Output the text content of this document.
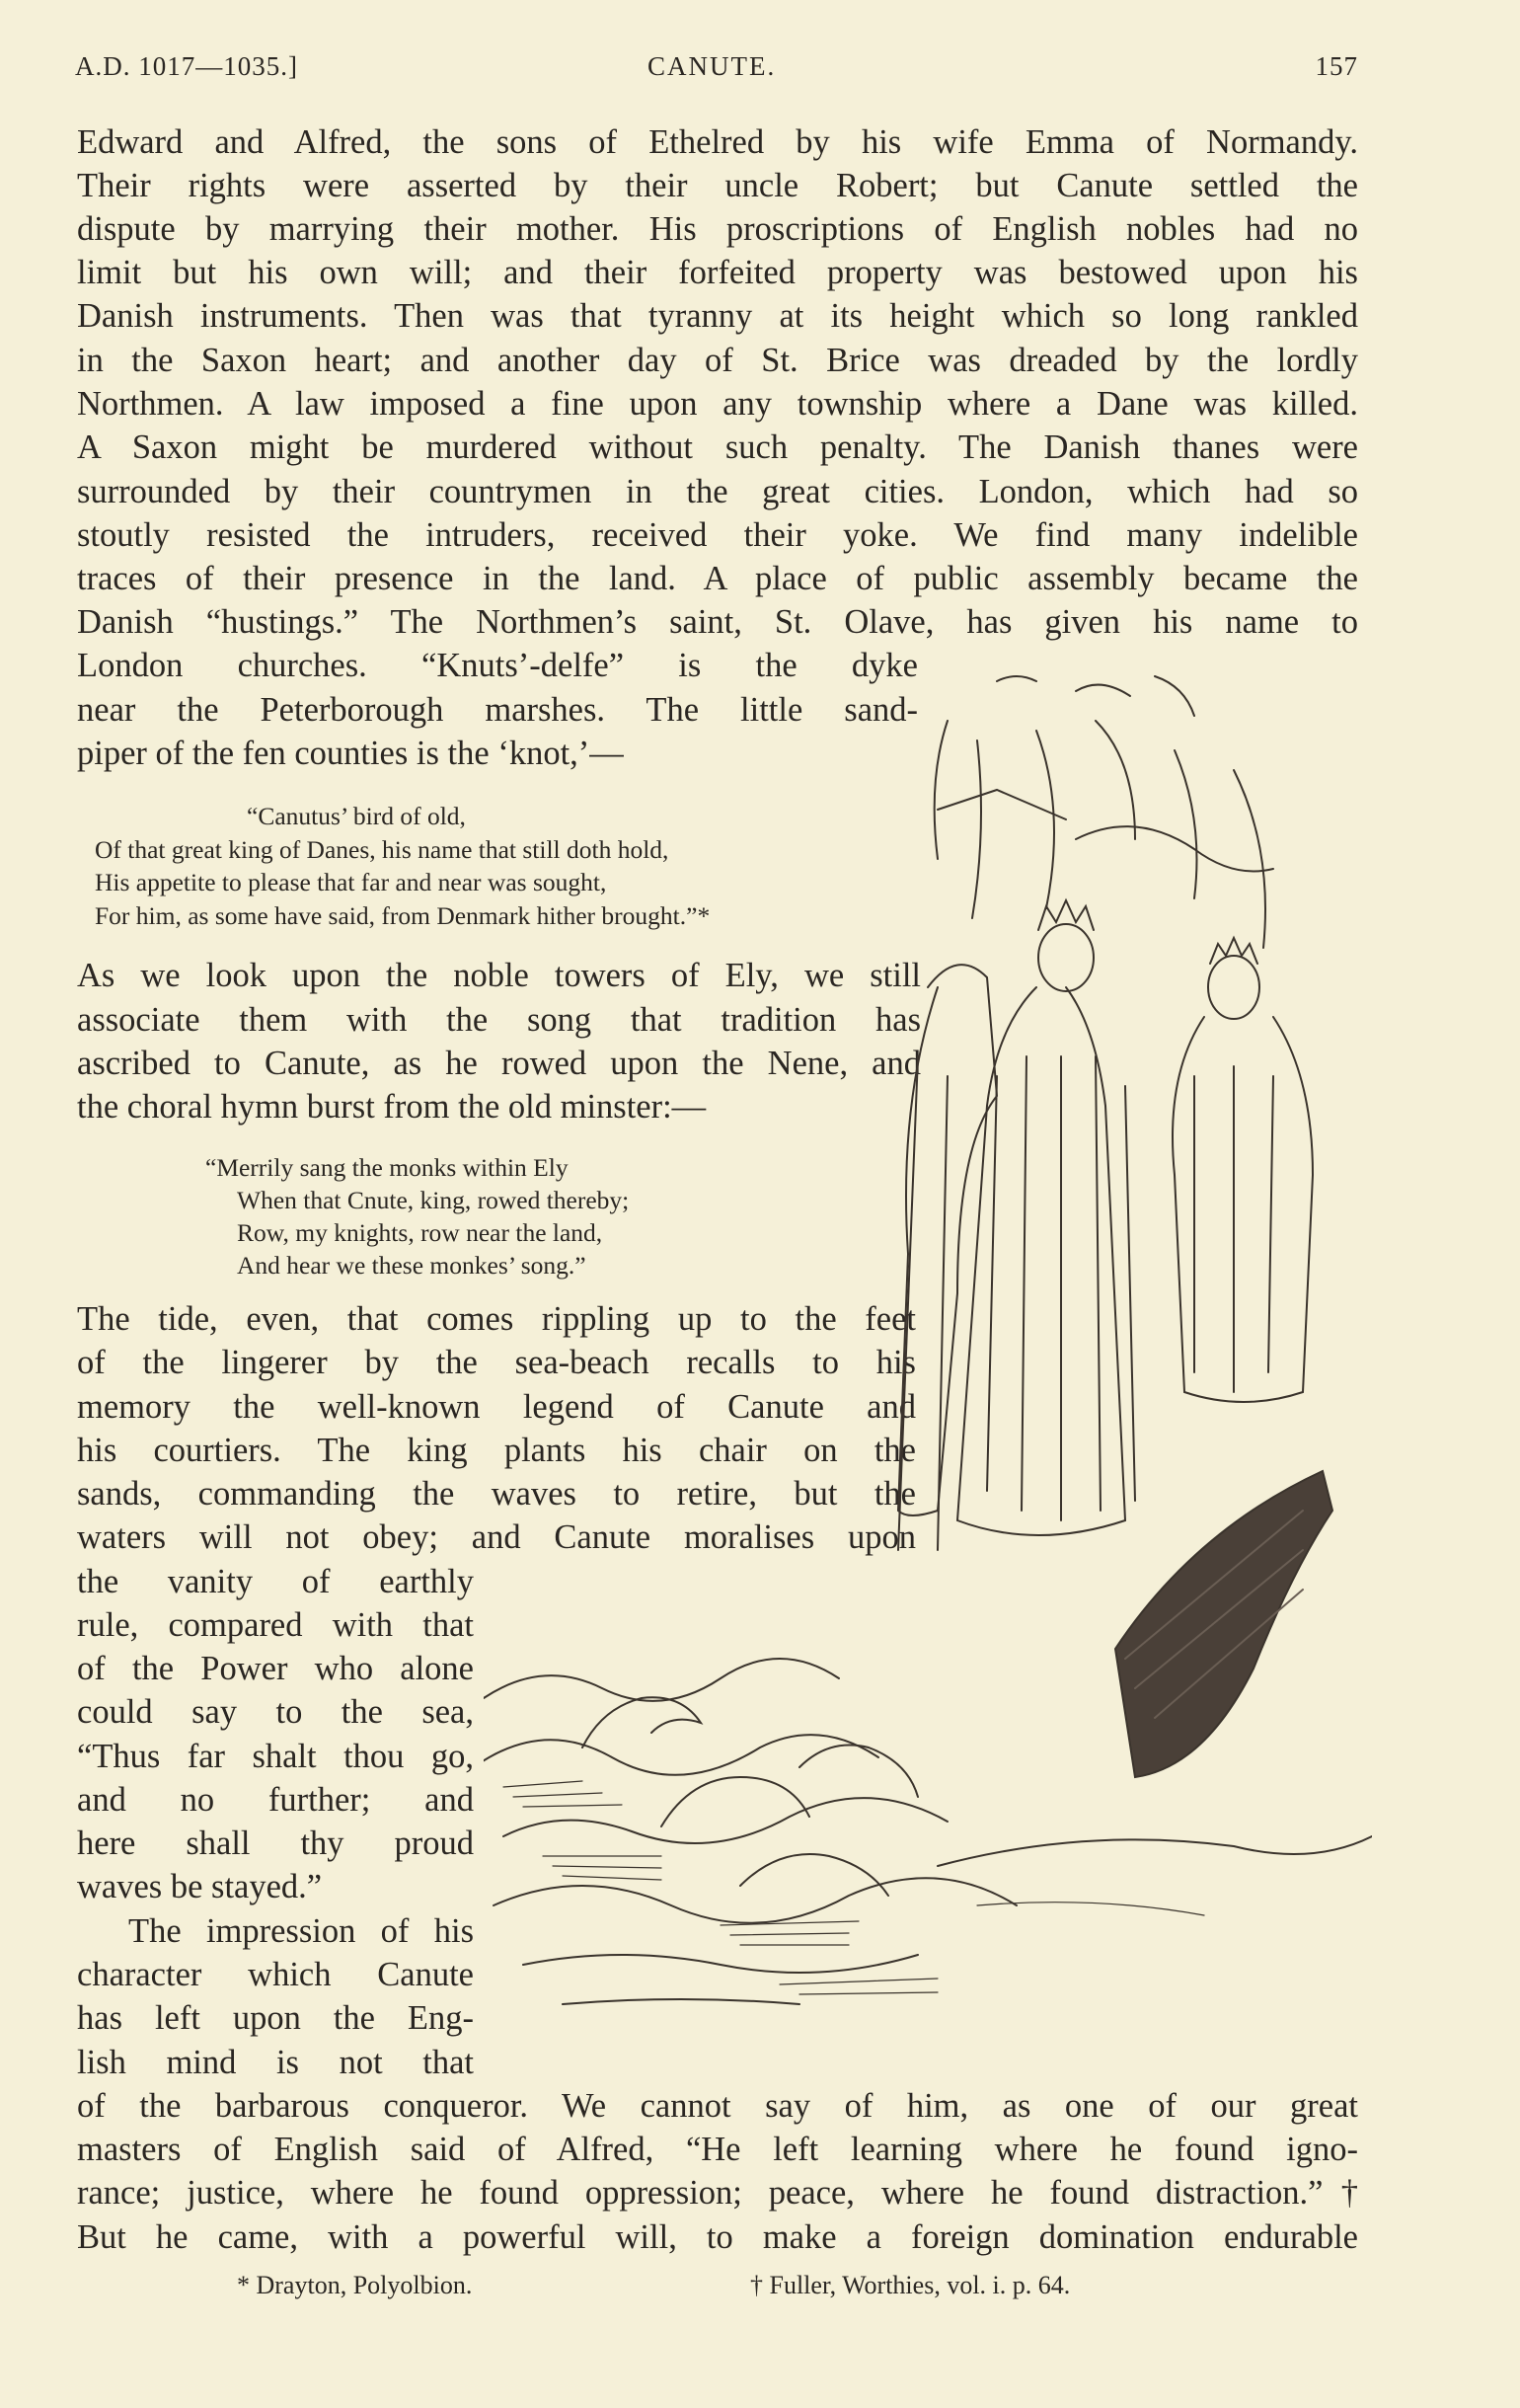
A.D. 1017—1035.]	CANUTE.	157
Edward and Alfred, the sons of Ethelred by his wife Emma of Normandy.
Their rights were asserted by their uncle Robert; but Canute settled the
dispute by marrying their mother. His proscriptions of English nobles had no
limit but his own will; and their forfeited property was bestowed upon his
Danish instruments. Then was that tyranny at its height which so long rankled
in the Saxon heart; and another day of St. Brice was dreaded by the lordly
Northmen. A law imposed a fine upon any township where a Dane was killed.
A Saxon might be murdered without such penalty. The Danish thanes were
surrounded by their countrymen in the great cities. London, which had so
stoutly resisted the intruders, received their yoke. We find many indelible
traces of their presence in the land. A place of public assembly became the
Danish “hustings.” The Northmen’s saint, St. Olave, has given his name to
London churches. “Knuts’-delfe” is the dyke
near the Peterborough marshes. The little sand-
piper of the fen counties is the ‘knot,’—
“Canutus’ bird of old,
Of that great king of Danes, his name that still doth hold,
His appetite to please that far and near was sought,
For him, as some have said, from Denmark hither brought.”*
As we look upon the noble towers of Ely, we still
associate them with the song that tradition has
ascribed to Canute, as he rowed upon the Nene, and
the choral hymn burst from the old minster:—
“Merrily sang the monks within Ely
When that Cnute, king, rowed thereby;
Row, my knights, row near the land,
And hear we these monkes’ song.”
The tide, even, that comes rippling up to the feet
of the lingerer by the sea-beach recalls to his
memory the well-known legend of Canute and
his courtiers. The king plants his chair on the
sands, commanding the waves to retire, but the
waters will not obey; and Canute moralises upon
the vanity of earthly
rule, compared with that
of the Power who alone
could say to the sea,
“Thus far shalt thou go,
and no further; and
here shall thy proud
waves be stayed.”
The impression of his
character which Canute
has left upon the Eng-
lish mind is not that
of the barbarous conqueror. We cannot say of him, as one of our great
masters of English said of Alfred, “He left learning where he found igno-
rance; justice, where he found oppression; peace, where he found distraction.”†
But he came, with a powerful will, to make a foreign domination endurable
* Drayton, Polyolbion.	† Fuller, Worthies, vol. i. p. 64.
